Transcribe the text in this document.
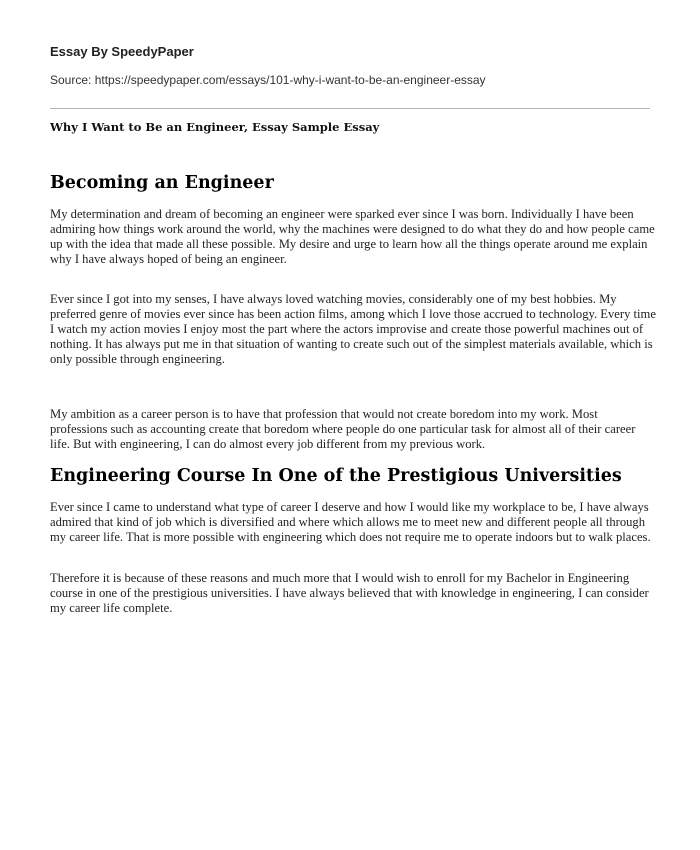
Essay By SpeedyPaper
Source: https://speedypaper.com/essays/101-why-i-want-to-be-an-engineer-essay
Why I Want to Be an Engineer, Essay Sample Essay
Becoming an Engineer

My determination and dream of becoming an engineer were sparked ever since I was born. Individually I have been admiring how things work around the world, why the machines were designed to do what they do and how people came up with the idea that made all these possible. My desire and urge to learn how all the things operate around me explain why I have always hoped of being an engineer.

Ever since I got into my senses, I have always loved watching movies, considerably one of my best hobbies. My preferred genre of movies ever since has been action films, among which I love those accrued to technology. Every time I watch my action movies I enjoy most the part where the actors improvise and create those powerful machines out of nothing. It has always put me in that situation of wanting to create such out of the simplest materials available, which is only possible through engineering.

My ambition as a career person is to have that profession that would not create boredom into my work. Most professions such as accounting create that boredom where people do one particular task for almost all of their career life. But with engineering, I can do almost every job different from my previous work.

Engineering Course In One of the Prestigious Universities

Ever since I came to understand what type of career I deserve and how I would like my workplace to be, I have always admired that kind of job which is diversified and where which allows me to meet new and different people all through my career life. That is more possible with engineering which does not require me to operate indoors but to walk places.

Therefore it is because of these reasons and much more that I would wish to enroll for my Bachelor in Engineering course in one of the prestigious universities. I have always believed that with knowledge in engineering, I can consider my career life complete.
